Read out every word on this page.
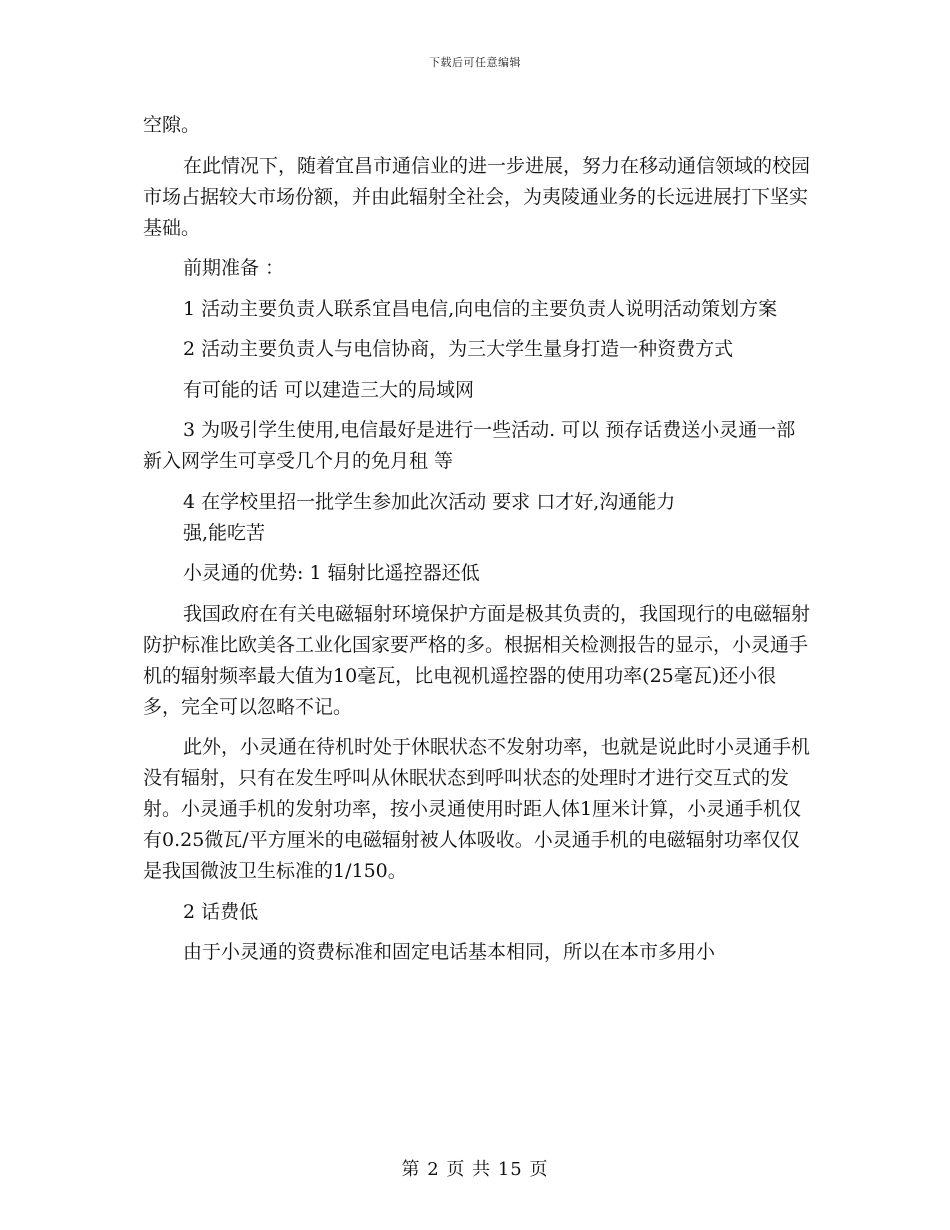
下载后可任意编辑

空隙。

在此情况下，随着宜昌市通信业的进一步进展，努力在移动通信领域的校园市场占据较大市场份额，并由此辐射全社会，为夷陵通业务的长远进展打下坚实基础。

前期准备 ：

1 活动主要负责人联系宜昌电信,向电信的主要负责人说明活动策划方案

2 活动主要负责人与电信协商，为三大学生量身打造一种资费方式

有可能的话 可以建造三大的局域网

3 为吸引学生使用,电信最好是进行一些活动. 可以 预存话费送小灵通一部 新入网学生可享受几个月的免月租 等

4 在学校里招一批学生参加此次活动 要求 口才好,沟通能力

强,能吃苦

小灵通的优势: 1 辐射比遥控器还低

我国政府在有关电磁辐射环境保护方面是极其负责的，我国现行的电磁辐射防护标准比欧美各工业化国家要严格的多。根据相关检测报告的显示，小灵通手机的辐射频率最大值为10毫瓦，比电视机遥控器的使用功率(25毫瓦)还小很多，完全可以忽略不记。

此外，小灵通在待机时处于休眠状态不发射功率，也就是说此时小灵通手机没有辐射，只有在发生呼叫从休眠状态到呼叫状态的处理时才进行交互式的发射。小灵通手机的发射功率，按小灵通使用时距人体1厘米计算，小灵通手机仅有0.25微瓦/平方厘米的电磁辐射被人体吸收。小灵通手机的电磁辐射功率仅仅是我国微波卫生标准的1/150。

2 话费低

由于小灵通的资费标准和固定电话基本相同，所以在本市多用小

第 2 页 共 15 页
